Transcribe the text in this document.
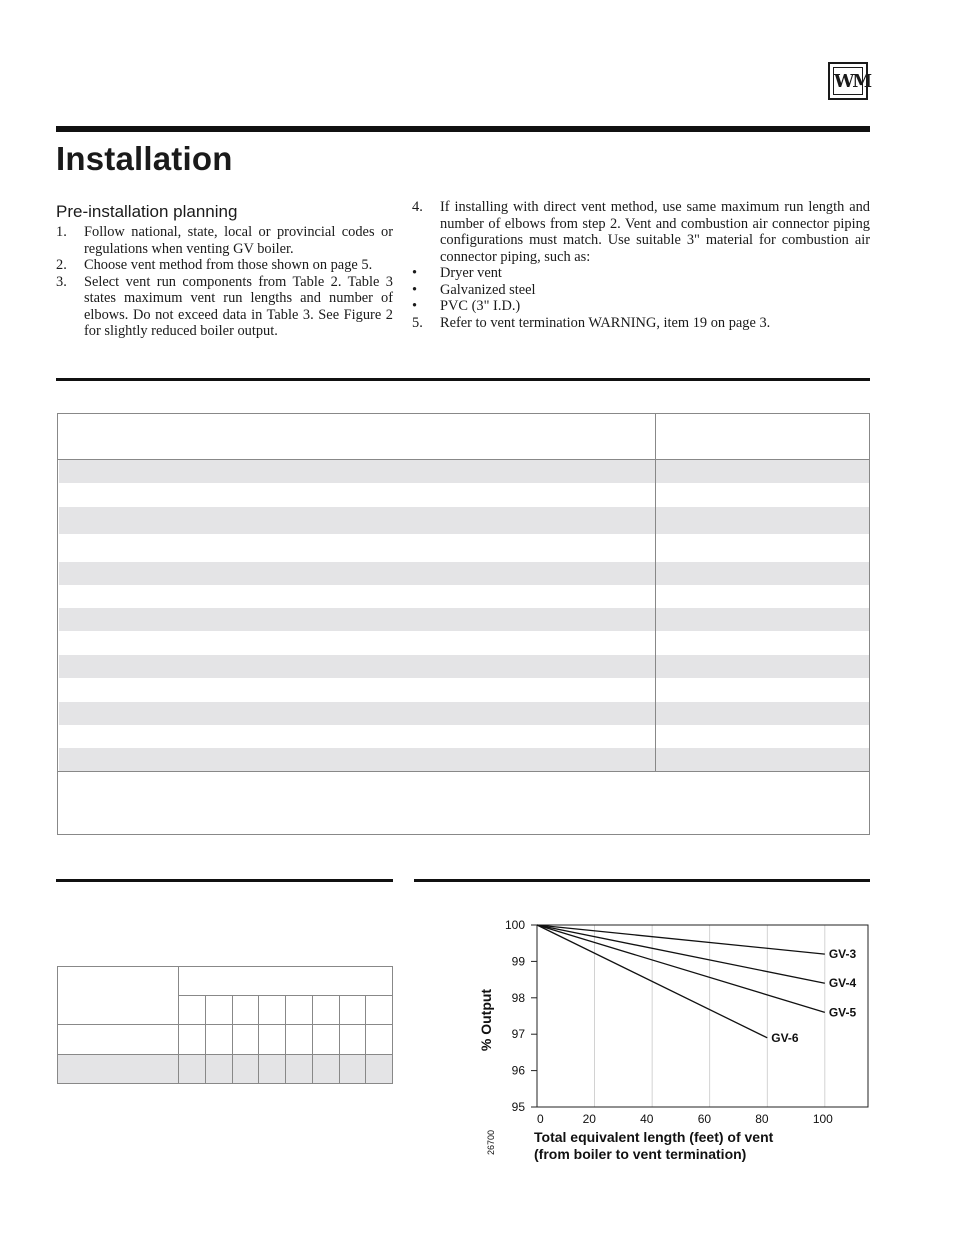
WM
Installation
Pre-installation planning
1. Follow national, state, local or provincial codes or regulations when venting GV boiler.
2. Choose vent method from those shown on page 5.
3. Select vent run components from Table 2. Table 3 states maximum vent run lengths and number of elbows. Do not exceed data in Table 3. See Figure 2 for slightly reduced boiler output.
4. If installing with direct vent method, use same maximum run length and number of elbows from step 2. Vent and combustion air connector piping configurations must match. Use suitable 3" material for combustion air connector piping, such as:
• Dryer vent
• Galvanized steel
• PVC (3" I.D.)
5. Refer to vent termination WARNING, item 19 on page 3.

95
96
97
98
99
100
0	20	40	60	80	100
GV-3
GV-4
GV-5
GV-6
% Output
Total equivalent length (feet) of vent
(from boiler to vent termination)
26700
